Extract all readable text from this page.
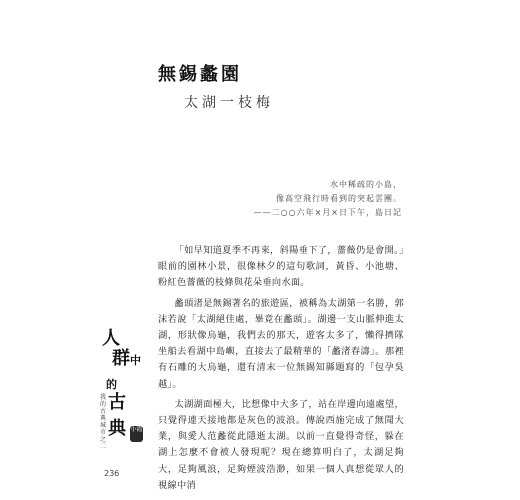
無錫蠡園
太湖一枝梅
水中稀疏的小島，
像高空飛行時看到的突起雲團。
——二○○六年×月×日下午，島日記

「如早知道夏季不再來，斜陽垂下了，薔薇仍是會開。」眼前的園林小景，很像林夕的這句歌詞，黃昏、小池塘、粉紅色薔薇的枝條與花朵垂向水面。

蠡頭渚是無錫著名的旅遊區，被稱為太湖第一名勝，郭沫若說「太湖絕佳處，畢竟在蠡頭」。湖邊一支山脈伸進太湖，形狀像烏龜，我們去的那天，遊客太多了，懶得擠隊坐船去看湖中島嶼，直接去了最精華的「蠡渚春濤」。那裡有石雕的大烏龜，還有清末一位無錫知縣題寫的「包孕吳越」。

太湖湖面極大，比想像中大多了，站在岸邊向遠處望，只覺得連天接地都是灰色的波浪。傳說西施完成了無聞大業，與愛人范蠡從此隱逝太湖。以前一直覺得奇怪，躲在湖上怎麼不會被人發現呢？現在總算明白了，太湖足夠大，足夠風浪，足夠煙波浩渺，如果一個人真想從眾人的視線中消

人
群 中
的
古
典
我的古典城市之二
小霞
236
